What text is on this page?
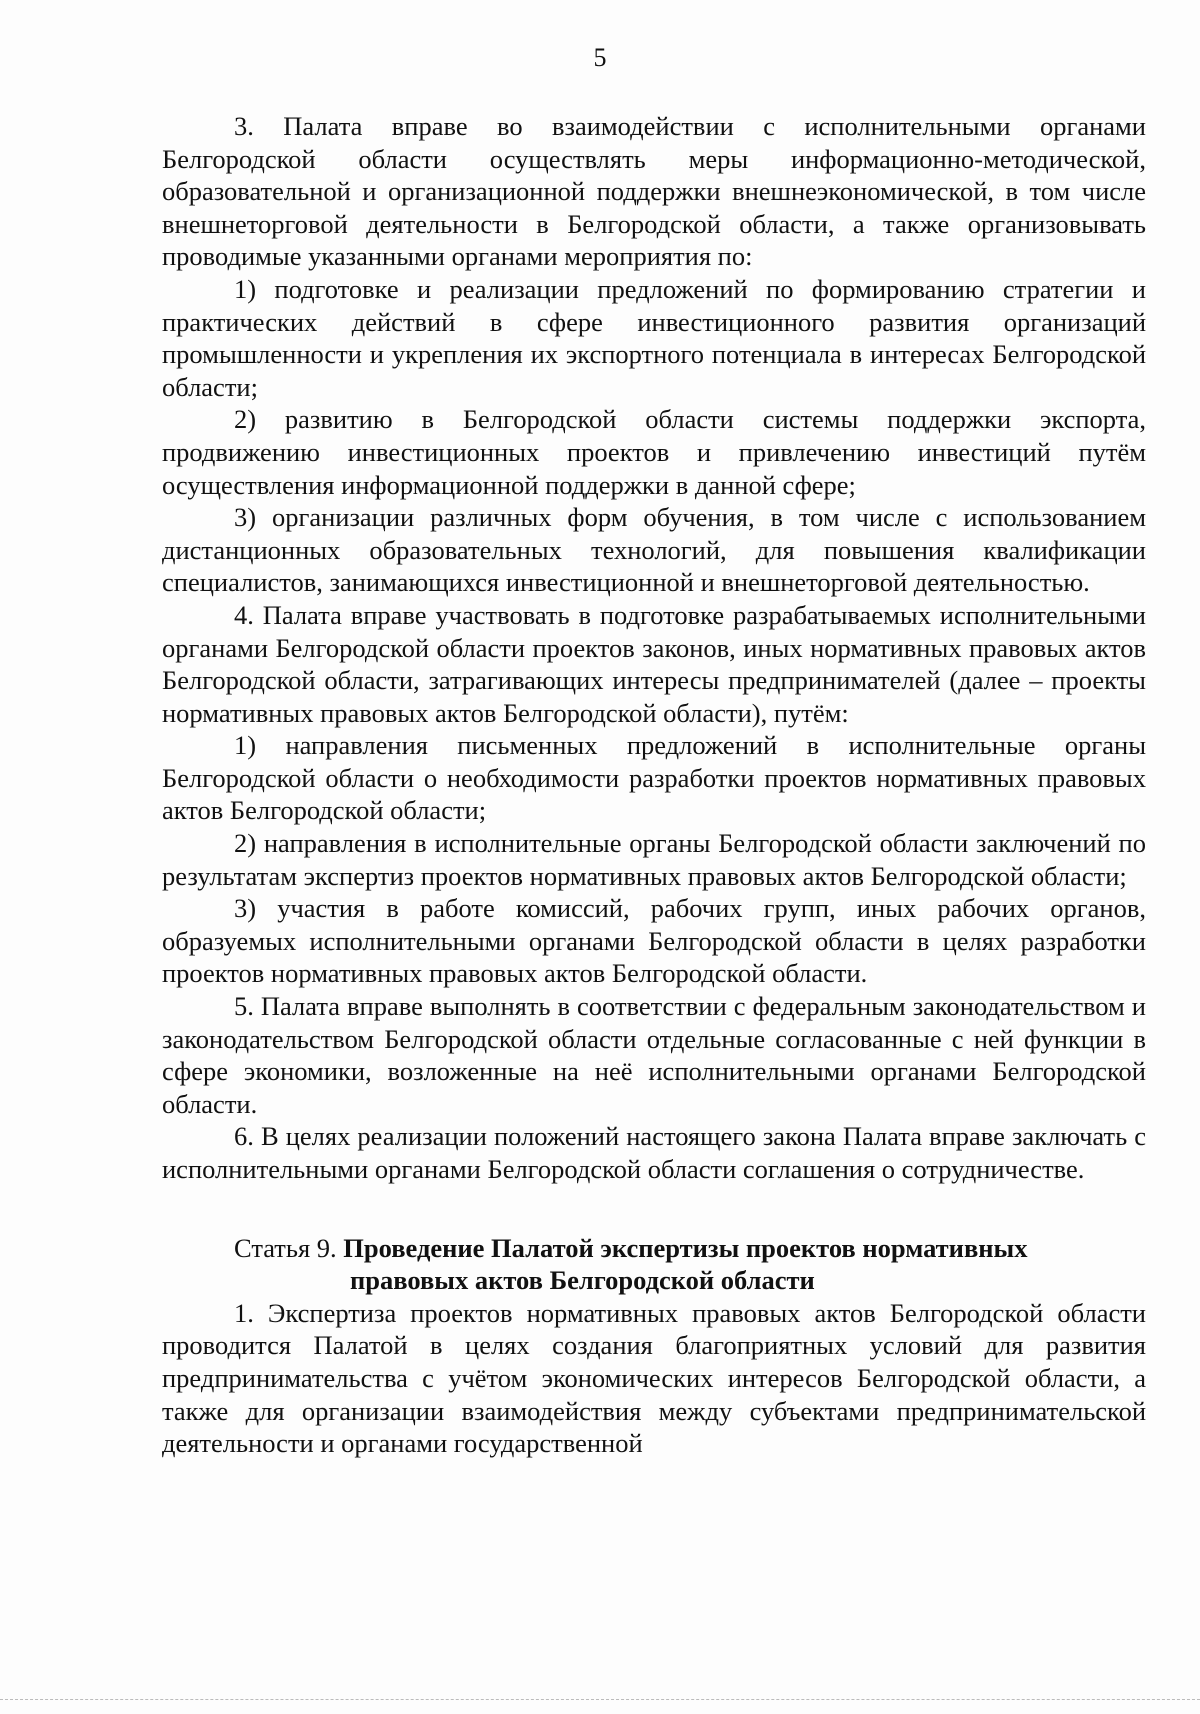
5

3. Палата вправе во взаимодействии с исполнительными органами Белгородской области осуществлять меры информационно-методической, образовательной и организационной поддержки внешнеэкономической, в том числе внешнеторговой деятельности в Белгородской области, а также организовывать проводимые указанными органами мероприятия по:

1) подготовке и реализации предложений по формированию стратегии и практических действий в сфере инвестиционного развития организаций промышленности и укрепления их экспортного потенциала в интересах Белгородской области;

2) развитию в Белгородской области системы поддержки экспорта, продвижению инвестиционных проектов и привлечению инвестиций путём осуществления информационной поддержки в данной сфере;

3) организации различных форм обучения, в том числе с использованием дистанционных образовательных технологий, для повышения квалификации специалистов, занимающихся инвестиционной и внешнеторговой деятельностью.

4. Палата вправе участвовать в подготовке разрабатываемых исполнительными органами Белгородской области проектов законов, иных нормативных правовых актов Белгородской области, затрагивающих интересы предпринимателей (далее – проекты нормативных правовых актов Белгородской области), путём:

1) направления письменных предложений в исполнительные органы Белгородской области о необходимости разработки проектов нормативных правовых актов Белгородской области;

2) направления в исполнительные органы Белгородской области заключений по результатам экспертиз проектов нормативных правовых актов Белгородской области;

3) участия в работе комиссий, рабочих групп, иных рабочих органов, образуемых исполнительными органами Белгородской области в целях разработки проектов нормативных правовых актов Белгородской области.

5. Палата вправе выполнять в соответствии с федеральным законодательством и законодательством Белгородской области отдельные согласованные с ней функции в сфере экономики, возложенные на неё исполнительными органами Белгородской области.

6. В целях реализации положений настоящего закона Палата вправе заключать с исполнительными органами Белгородской области соглашения о сотрудничестве.

Статья 9. Проведение Палатой экспертизы проектов нормативных
правовых актов Белгородской области

1. Экспертиза проектов нормативных правовых актов Белгородской области проводится Палатой в целях создания благоприятных условий для развития предпринимательства с учётом экономических интересов Белгородской области, а также для организации взаимодействия между субъектами предпринимательской деятельности и органами государственной
